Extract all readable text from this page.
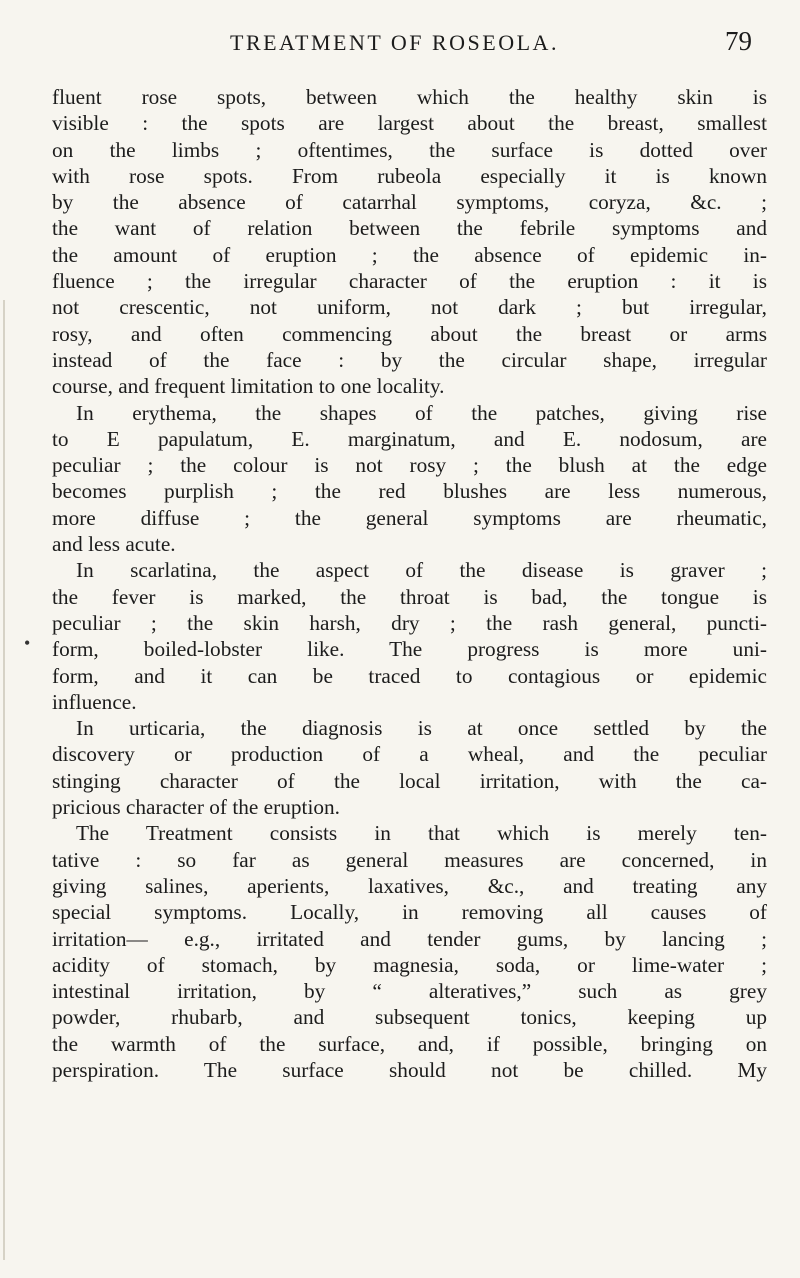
TREATMENT OF ROSEOLA.	79
•
fluent rose spots, between which the healthy skin is
visible : the spots are largest about the breast, smallest
on the limbs ; oftentimes, the surface is dotted over
with rose spots. From rubeola especially it is known
by the absence of catarrhal symptoms, coryza, &c. ;
the want of relation between the febrile symptoms and
the amount of eruption ; the absence of epidemic in-
fluence ; the irregular character of the eruption : it is
not crescentic, not uniform, not dark ; but irregular,
rosy, and often commencing about the breast or arms
instead of the face : by the circular shape, irregular
course, and frequent limitation to one locality.
In erythema, the shapes of the patches, giving rise
to E papulatum, E. marginatum, and E. nodosum, are
peculiar ; the colour is not rosy ; the blush at the edge
becomes purplish ; the red blushes are less numerous,
more diffuse ; the general symptoms are rheumatic,
and less acute.
In scarlatina, the aspect of the disease is graver ;
the fever is marked, the throat is bad, the tongue is
peculiar ; the skin harsh, dry ; the rash general, puncti-
form, boiled-lobster like. The progress is more uni-
form, and it can be traced to contagious or epidemic
influence.
In urticaria, the diagnosis is at once settled by the
discovery or production of a wheal, and the peculiar
stinging character of the local irritation, with the ca-
pricious character of the eruption.
The Treatment consists in that which is merely ten-
tative : so far as general measures are concerned, in
giving salines, aperients, laxatives, &c., and treating any
special symptoms. Locally, in removing all causes of
irritation— e.g., irritated and tender gums, by lancing ;
acidity of stomach, by magnesia, soda, or lime-water ;
intestinal irritation, by “ alteratives,” such as grey
powder, rhubarb, and subsequent tonics, keeping up
the warmth of the surface, and, if possible, bringing on
perspiration. The surface should not be chilled. My
